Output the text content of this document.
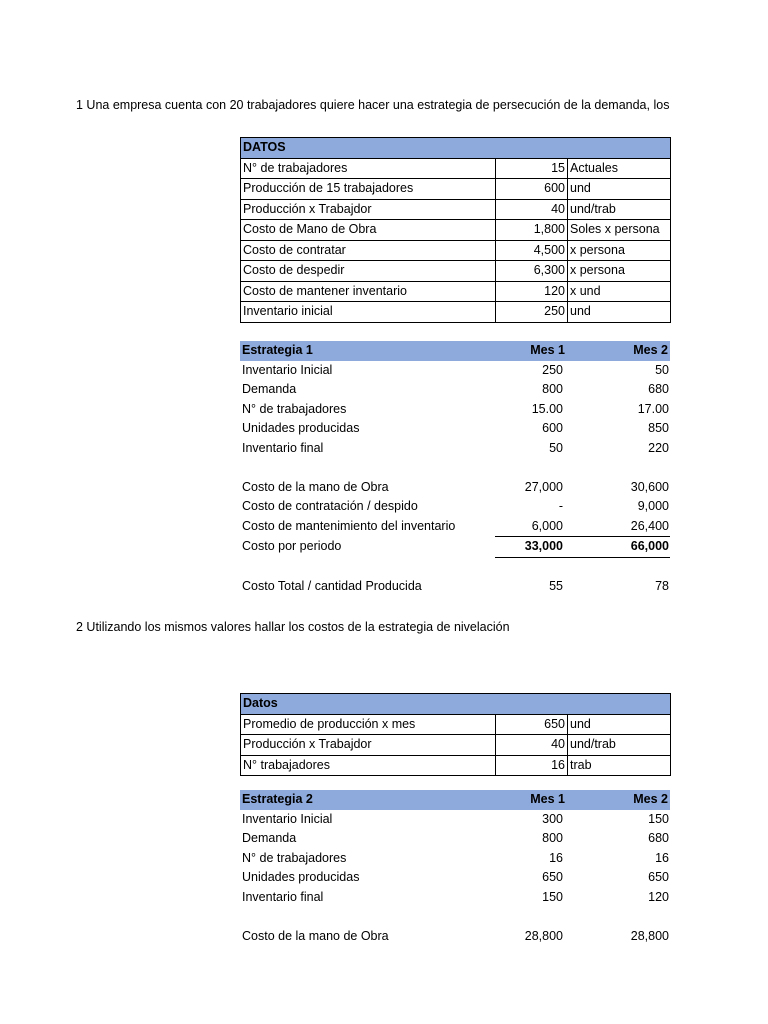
1 Una empresa cuenta con 20 trabajadores quiere hacer una estrategia de persecución de la demanda, los
DATOS		
N° de trabajadores	15	Actuales
Producción de 15 trabajadores	600	und
Producción x Trabajdor	40	und/trab
Costo de Mano de Obra	1,800	Soles x persona
Costo de contratar	4,500	x persona
Costo de despedir	6,300	x persona
Costo de mantener inventario	120	x und
Inventario inicial	250	und
Estrategia 1	Mes 1	Mes 2
Inventario Inicial	250	50
Demanda	800	680
N° de trabajadores	15.00	17.00
Unidades producidas	600	850
Inventario final	50	220

Costo de la mano de Obra	27,000	30,600
Costo de contratación / despido	-	9,000
Costo de mantenimiento del inventario	6,000	26,400
Costo por periodo	33,000	66,000

Costo Total / cantidad Producida	55	78
2 Utilizando los mismos valores hallar los costos de la estrategia de nivelación
Datos		
Promedio de producción x mes	650	und
Producción x Trabajdor	40	und/trab
N° trabajadores	16	trab
Estrategia 2	Mes 1	Mes 2
Inventario Inicial	300	150
Demanda	800	680
N° de trabajadores	16	16
Unidades producidas	650	650
Inventario final	150	120

Costo de la mano de Obra	28,800	28,800
